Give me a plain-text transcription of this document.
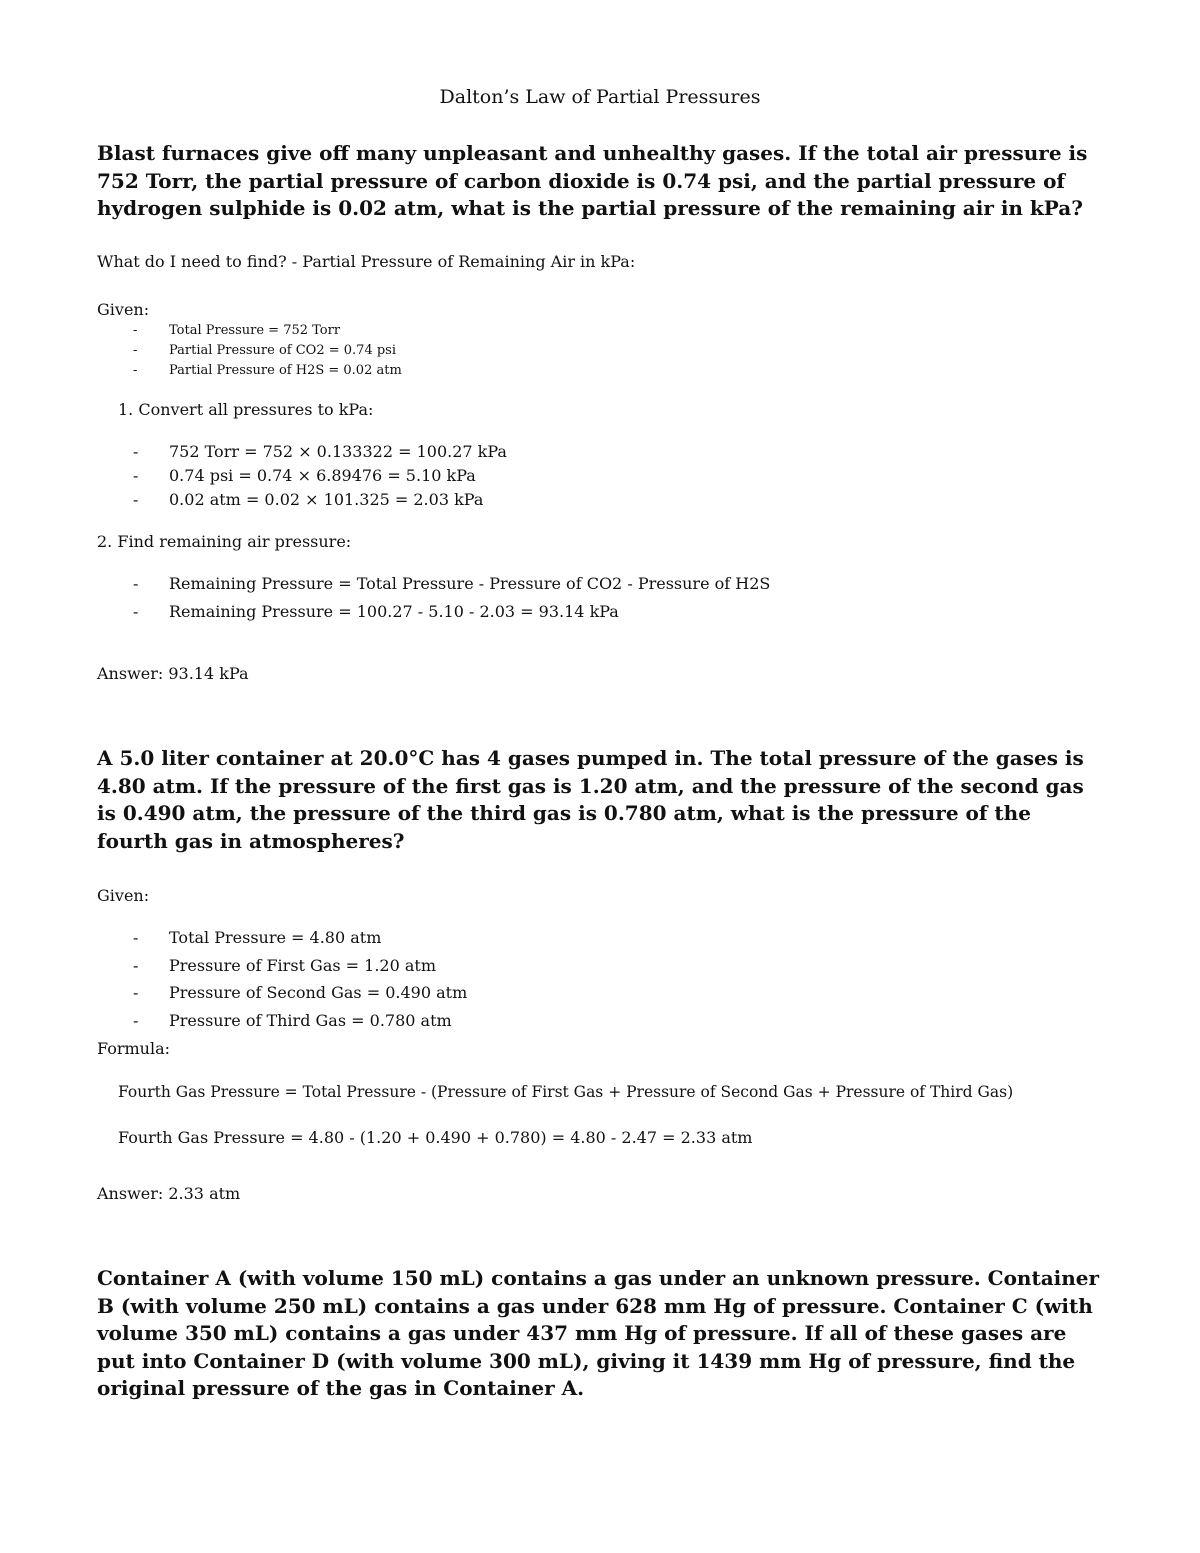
Dalton’s Law of Partial Pressures

Blast furnaces give off many unpleasant and unhealthy gases. If the total air pressure is 752 Torr, the partial pressure of carbon dioxide is 0.74 psi, and the partial pressure of hydrogen sulphide is 0.02 atm, what is the partial pressure of the remaining air in kPa?

What do I need to find? - Partial Pressure of Remaining Air in kPa:

Given:

- Total Pressure = 752 Torr
- Partial Pressure of CO2 = 0.74 psi
- Partial Pressure of H2S = 0.02 atm

1. Convert all pressures to kPa:

- 752 Torr = 752 × 0.133322 = 100.27 kPa
- 0.74 psi = 0.74 × 6.89476 = 5.10 kPa
- 0.02 atm = 0.02 × 101.325 = 2.03 kPa

2. Find remaining air pressure:

- Remaining Pressure = Total Pressure - Pressure of CO2 - Pressure of H2S
- Remaining Pressure = 100.27 - 5.10 - 2.03 = 93.14 kPa

Answer: 93.14 kPa

A 5.0 liter container at 20.0°C has 4 gases pumped in. The total pressure of the gases is 4.80 atm. If the pressure of the first gas is 1.20 atm, and the pressure of the second gas is 0.490 atm, the pressure of the third gas is 0.780 atm, what is the pressure of the fourth gas in atmospheres?

Given:

- Total Pressure = 4.80 atm
- Pressure of First Gas = 1.20 atm
- Pressure of Second Gas = 0.490 atm
- Pressure of Third Gas = 0.780 atm

Formula:

Fourth Gas Pressure = Total Pressure - (Pressure of First Gas + Pressure of Second Gas + Pressure of Third Gas)

Fourth Gas Pressure = 4.80 - (1.20 + 0.490 + 0.780) = 4.80 - 2.47 = 2.33 atm

Answer: 2.33 atm

Container A (with volume 150 mL) contains a gas under an unknown pressure. Container B (with volume 250 mL) contains a gas under 628 mm Hg of pressure. Container C (with volume 350 mL) contains a gas under 437 mm Hg of pressure. If all of these gases are put into Container D (with volume 300 mL), giving it 1439 mm Hg of pressure, find the original pressure of the gas in Container A.
